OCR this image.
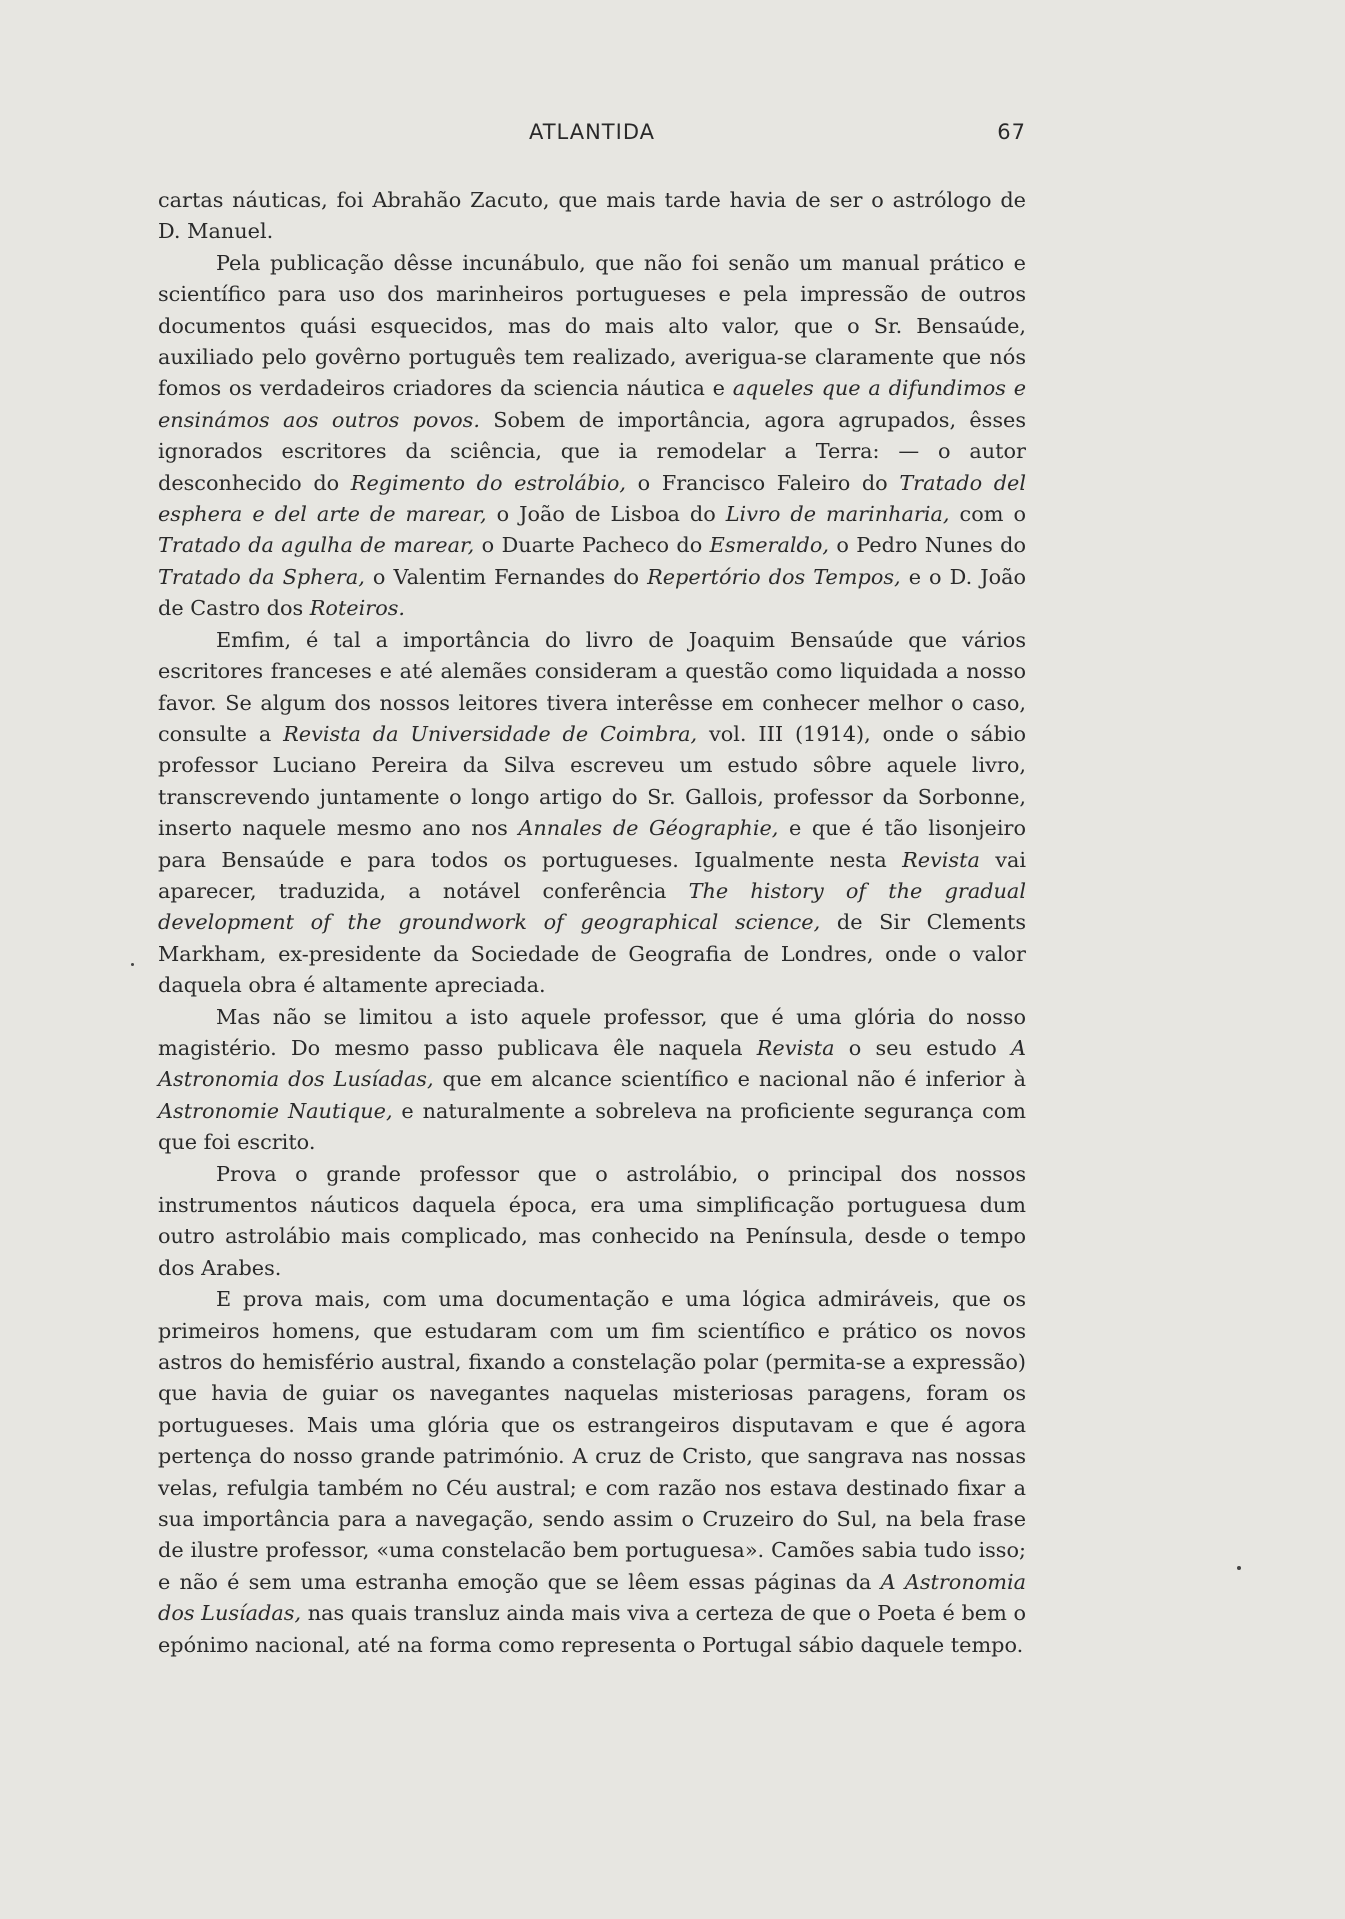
ATLANTIDA	67

cartas náuticas, foi Abrahão Zacuto, que mais tarde havia de ser o astrólogo de D. Manuel.

Pela publicação dêsse incunábulo, que não foi senão um manual prático e scientífico para uso dos marinheiros portugueses e pela impressão de outros documentos quási esquecidos, mas do mais alto valor, que o Sr. Bensaúde, auxiliado pelo govêrno português tem realizado, averigua-se claramente que nós fomos os verdadeiros criadores da sciencia náutica e aqueles que a difundimos e ensinámos aos outros povos. Sobem de importância, agora agrupados, êsses ignorados escritores da sciência, que ia remodelar a Terra: — o autor desconhecido do Regimento do estrolábio, o Francisco Faleiro do Tratado del esphera e del arte de marear, o João de Lisboa do Livro de marinharia, com o Tratado da agulha de marear, o Duarte Pacheco do Esmeraldo, o Pedro Nunes do Tratado da Sphera, o Valentim Fernandes do Repertório dos Tempos, e o D. João de Castro dos Roteiros.

Emfim, é tal a importância do livro de Joaquim Bensaúde que vários escritores franceses e até alemães consideram a questão como liquidada a nosso favor. Se algum dos nossos leitores tivera interêsse em conhecer melhor o caso, consulte a Revista da Universidade de Coimbra, vol. III (1914), onde o sábio professor Luciano Pereira da Silva escreveu um estudo sôbre aquele livro, transcrevendo juntamente o longo artigo do Sr. Gallois, professor da Sorbonne, inserto naquele mesmo ano nos Annales de Géographie, e que é tão lisonjeiro para Bensaúde e para todos os portugueses. Igualmente nesta Revista vai aparecer, traduzida, a notável conferência The history of the gradual development of the groundwork of geographical science, de Sir Clements Markham, ex-presidente da Sociedade de Geografia de Londres, onde o valor daquela obra é altamente apreciada.

Mas não se limitou a isto aquele professor, que é uma glória do nosso magistério. Do mesmo passo publicava êle naquela Revista o seu estudo A Astronomia dos Lusíadas, que em alcance scientífico e nacional não é inferior à Astronomie Nautique, e naturalmente a sobreleva na proficiente segurança com que foi escrito.

Prova o grande professor que o astrolábio, o principal dos nossos instrumentos náuticos daquela época, era uma simplificação portuguesa dum outro astrolábio mais complicado, mas conhecido na Península, desde o tempo dos Arabes.

E prova mais, com uma documentação e uma lógica admiráveis, que os primeiros homens, que estudaram com um fim scientífico e prático os novos astros do hemisfério austral, fixando a constelação polar (permita-se a expressão) que havia de guiar os navegantes naquelas misteriosas paragens, foram os portugueses. Mais uma glória que os estrangeiros disputavam e que é agora pertença do nosso grande património. A cruz de Cristo, que sangrava nas nossas velas, refulgia também no Céu austral; e com razão nos estava destinado fixar a sua importância para a navegação, sendo assim o Cruzeiro do Sul, na bela frase de ilustre professor, «uma constelacão bem portuguesa». Camões sabia tudo isso; e não é sem uma estranha emoção que se lêem essas páginas da A Astronomia dos Lusíadas, nas quais transluz ainda mais viva a certeza de que o Poeta é bem o epónimo nacional, até na forma como representa o Portugal sábio daquele tempo.
